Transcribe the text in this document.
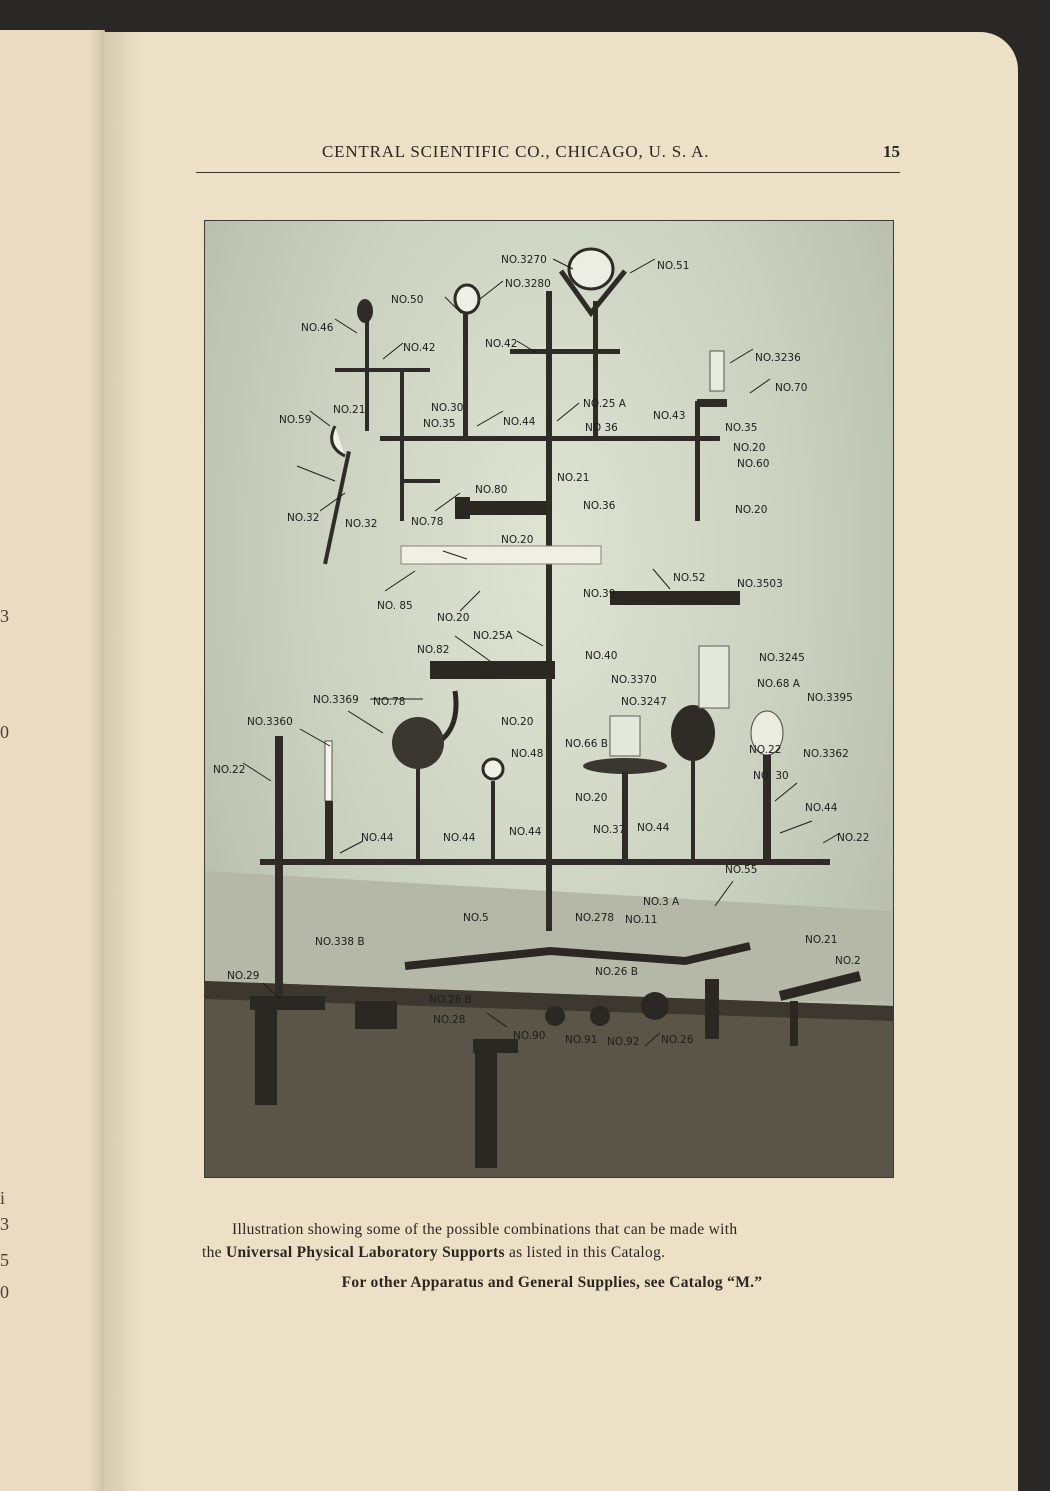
3
0
i
3
5
0
CENTRAL SCIENTIFIC CO., CHICAGO, U. S. A.	15
NO.3270	NO.51
NO.3280
NO.50
NO.46
NO.42	NO.42
NO.3236
NO.70
NO.59
NO.21	NO.30
NO.35	NO.44
NO.25 A
NO.43
NO 36	NO.35
NO.20
NO.60
NO.20
NO.21
NO.80
NO.36
NO.32 NO.32	NO.78
NO.20
NO. 85
NO.20
NO.39
NO.52	NO.3503
NO.25A
NO.82	NO.40	NO.3245
NO.3370	NO.68 A
NO.3395
NO.3247
NO.3369 NO.78
NO.3360	NO.20
NO.66 B
NO.48
NO.22
NO.3362
NO.22
NO. 30
NO.20
NO.44	NO.44	NO.44	NO.44
NO.37
NO.44
NO.22
NO.55
NO.278
NO.3 A
NO.5	NO.11
NO.338 B	NO.21
NO.2
NO.29
NO.26 B
NO.26 B
NO.28
NO.90 NO.91 NO.92 NO.26
Illustration showing some of the possible combinations that can be made with
the Universal Physical Laboratory Supports as listed in this Catalog.
For other Apparatus and General Supplies, see Catalog “M.”
